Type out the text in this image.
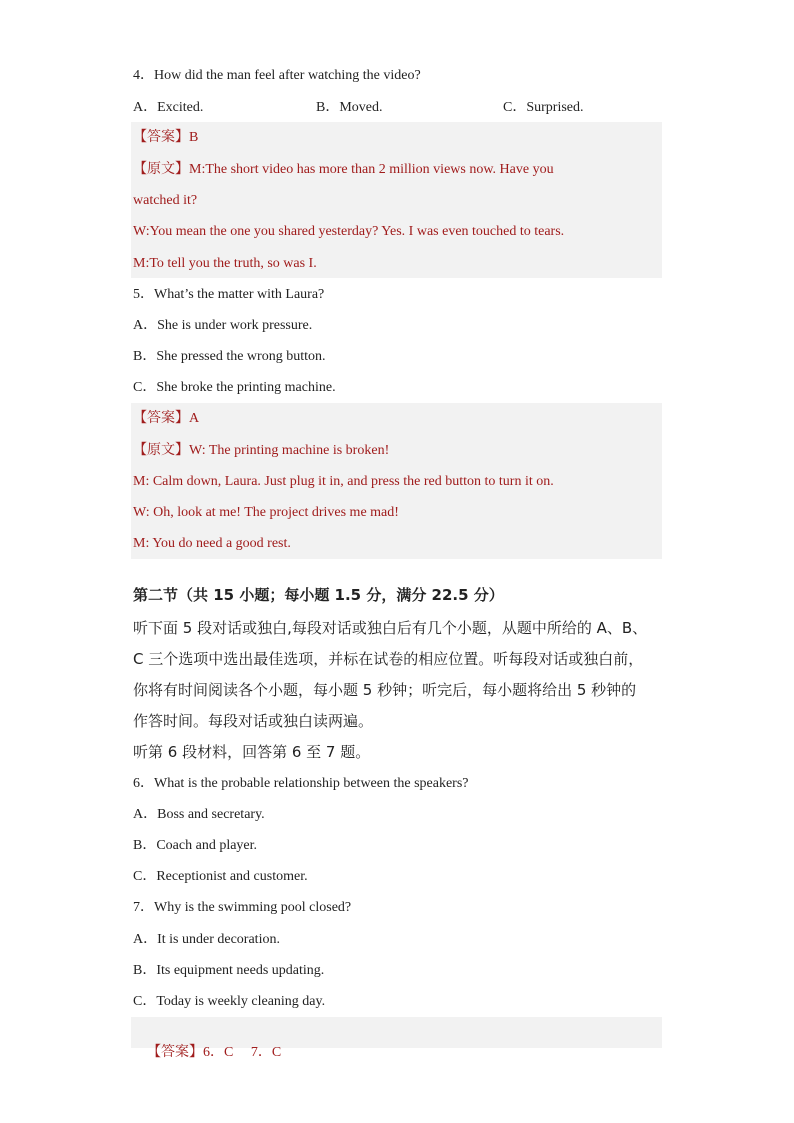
4．How did the man feel after watching the video?
A．Excited.	B．Moved.	C．Surprised.
【答案】B
【原文】M:The short video has more than 2 million views now. Have you
watched it?
W:You mean the one you shared yesterday? Yes. I was even touched to tears.
M:To tell you the truth, so was I.
5．What’s the matter with Laura?
A．She is under work pressure.
B．She pressed the wrong button.
C．She broke the printing machine.
【答案】A
【原文】W: The printing machine is broken!
M: Calm down, Laura. Just plug it in, and press the red button to turn it on.
W: Oh, look at me! The project drives me mad!
M: You do need a good rest.
第二节（共 15 小题；每小题 1.5 分，满分 22.5 分）
听下面 5 段对话或独白,每段对话或独白后有几个小题，从题中所给的 A、B、
C 三个选项中选出最佳选项，并标在试卷的相应位置。听每段对话或独白前，
你将有时间阅读各个小题，每小题 5 秒钟；听完后，每小题将给出 5 秒钟的
作答时间。每段对话或独白读两遍。
听第 6 段材料，回答第 6 至 7 题。
6．What is the probable relationship between the speakers?
A．Boss and secretary.
B．Coach and player.
C．Receptionist and customer.
7．Why is the swimming pool closed?
A．It is under decoration.
B．Its equipment needs updating.
C．Today is weekly cleaning day.

【答案】6．C     7．C
